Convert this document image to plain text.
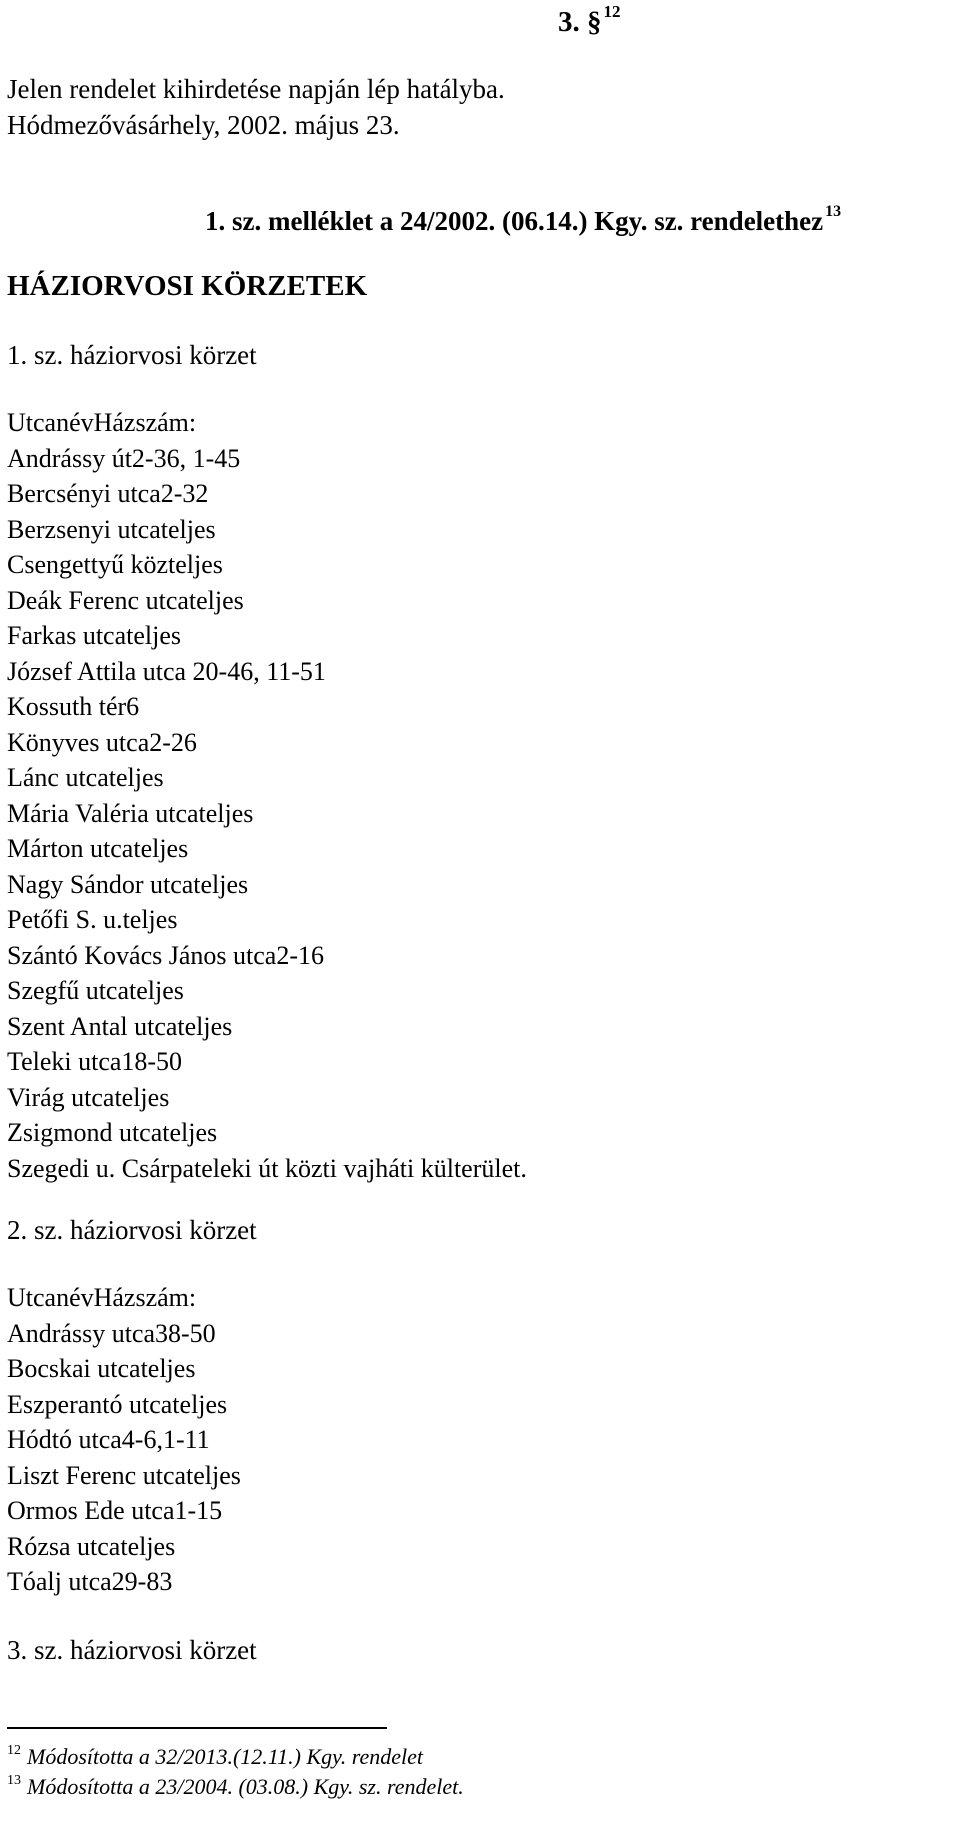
3. § $^{12}$
Jelen rendelet kihirdetése napján lép hatályba.
Hódmezővásárhely, 2002. május 23.
1. sz. melléklet a 24/2002. (06.14.) Kgy. sz. rendelethez $^{13}$
HÁZIORVOSI KÖRZETEK
1. sz. háziorvosi körzet
UtcanévHázszám:
Andrássy út2-36, 1-45
Bercsényi utca2-32
Berzsenyi utcateljes
Csengettyű közteljes
Deák Ferenc utcateljes
Farkas utcateljes
József Attila utca 20-46, 11-51
Kossuth tér6
Könyves utca2-26
Lánc utcateljes
Mária Valéria utcateljes
Márton utcateljes
Nagy Sándor utcateljes
Petőfi S. u.teljes
Szántó Kovács János utca2-16
Szegfű utcateljes
Szent Antal utcateljes
Teleki utca18-50
Virág utcateljes
Zsigmond utcateljes
Szegedi u. Csárpateleki út közti vajháti külterület.
2. sz. háziorvosi körzet
UtcanévHázszám:
Andrássy utca38-50
Bocskai utcateljes
Eszperantó utcateljes
Hódtó utca4-6,1-11
Liszt Ferenc utcateljes
Ormos Ede utca1-15
Rózsa utcateljes
Tóalj utca29-83
3. sz. háziorvosi körzet
$^{12}$ Módosította a 32/2013.(12.11.) Kgy. rendelet
$^{13}$ Módosította a 23/2004. (03.08.) Kgy. sz. rendelet.
